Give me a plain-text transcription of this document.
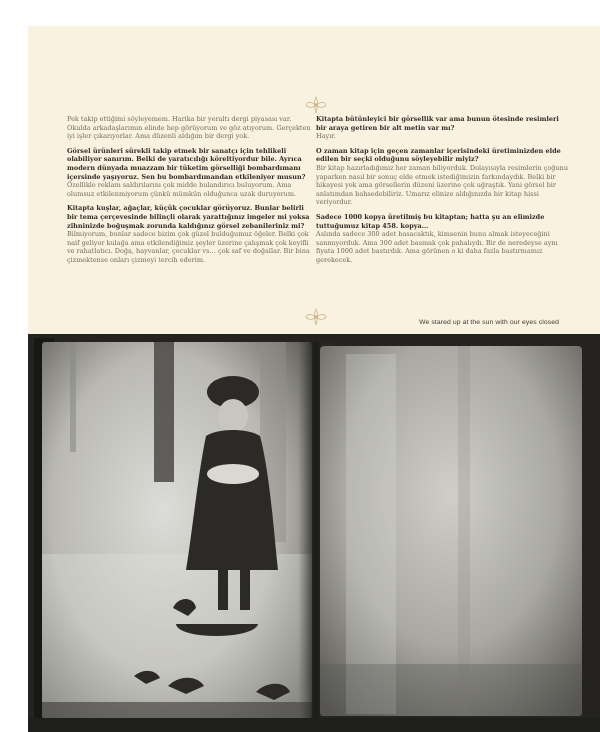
Pek takip ettiğimi söyleyemem. Harika bir yeraltı dergi piyasası var. Okulda arkadaşlarımın elinde hep görüyorum ve göz atıyorum. Gerçekten iyi işler çıkarıyorlar. Ama düzenli aldığım bir dergi yok.
Görsel ürünleri sürekli takip etmek bir sanatçı için tehlikeli olabiliyor sanırım. Belki de yaratıcılığı köreltiyordur bile. Ayrıca modern dünyada muazzam bir tüketim görselliği bombardımanı içersinde yaşıyoruz. Sen bu bombardımandan etkileniyor musun?
Özellikle reklam saldırılarını çok midde bulandırıcı buluyorum. Ama olumsuz etkilenmiyorum çünkü mümkün olduğunca uzak duruyorum.
Kitapta kuşlar, ağaçlar, küçük çocuklar görüyoruz. Bunlar belirli bir tema çerçevesinde bilinçli olarak yarattığınız imgeler mi yoksa zihninizde boğuşmak zorunda kaldığınız görsel zebanileriniz mi?
Bilmiyorum, bunlar sadece bizim çok güzel bulduğumuz öğeler. Belki çok naif geliyor kulağa ama etkilendiğimiz şeyler üzerine çalışmak çok keyifli ve rahatlatıcı. Doğa, hayvanlar, çocuklar vs… çok saf ve doğallar. Bir bina çizmektense onları çizmeyi tercih ederim.
Kitapta bütünleyici bir görsellik var ama bunun ötesinde resimleri bir araya getiren bir alt metin var mı?
Hayır.
O zaman kitap için geçen zamanlar içerisindeki üretiminizden elde edilen bir seçki olduğunu söyleyebilir miyiz?
Bir kitap hazırladığımız her zaman biliyorduk. Dolayısıyla resimlerin çoğunu yaparken nasıl bir sonuç elde etmek istediğimizin farkındaydık. Belki bir hikayesi yok ama görsellerin düzeni üzerine çok uğraştık. Yani görsel bir anlatımdan bahsedebiliriz. Umarız elinize aldığınızda bir kitap hissi veriyordur.
Sadece 1000 kopya üretilmiş bu kitaptan; hatta şu an elimizde tuttuğumuz kitap 458. kopya…
Aslında sadece 300 adet basacaktık, kimsenin bunu almak isteyeceğini sanmıyorduk. Ama 300 adet basmak çok pahalıydı. Bir de neredeyse aynı fiyata 1000 adet bastırdık. Ama görünen o ki daha fazla bastırmamız gerekecek.
We stared up at the sun with our eyes closed
